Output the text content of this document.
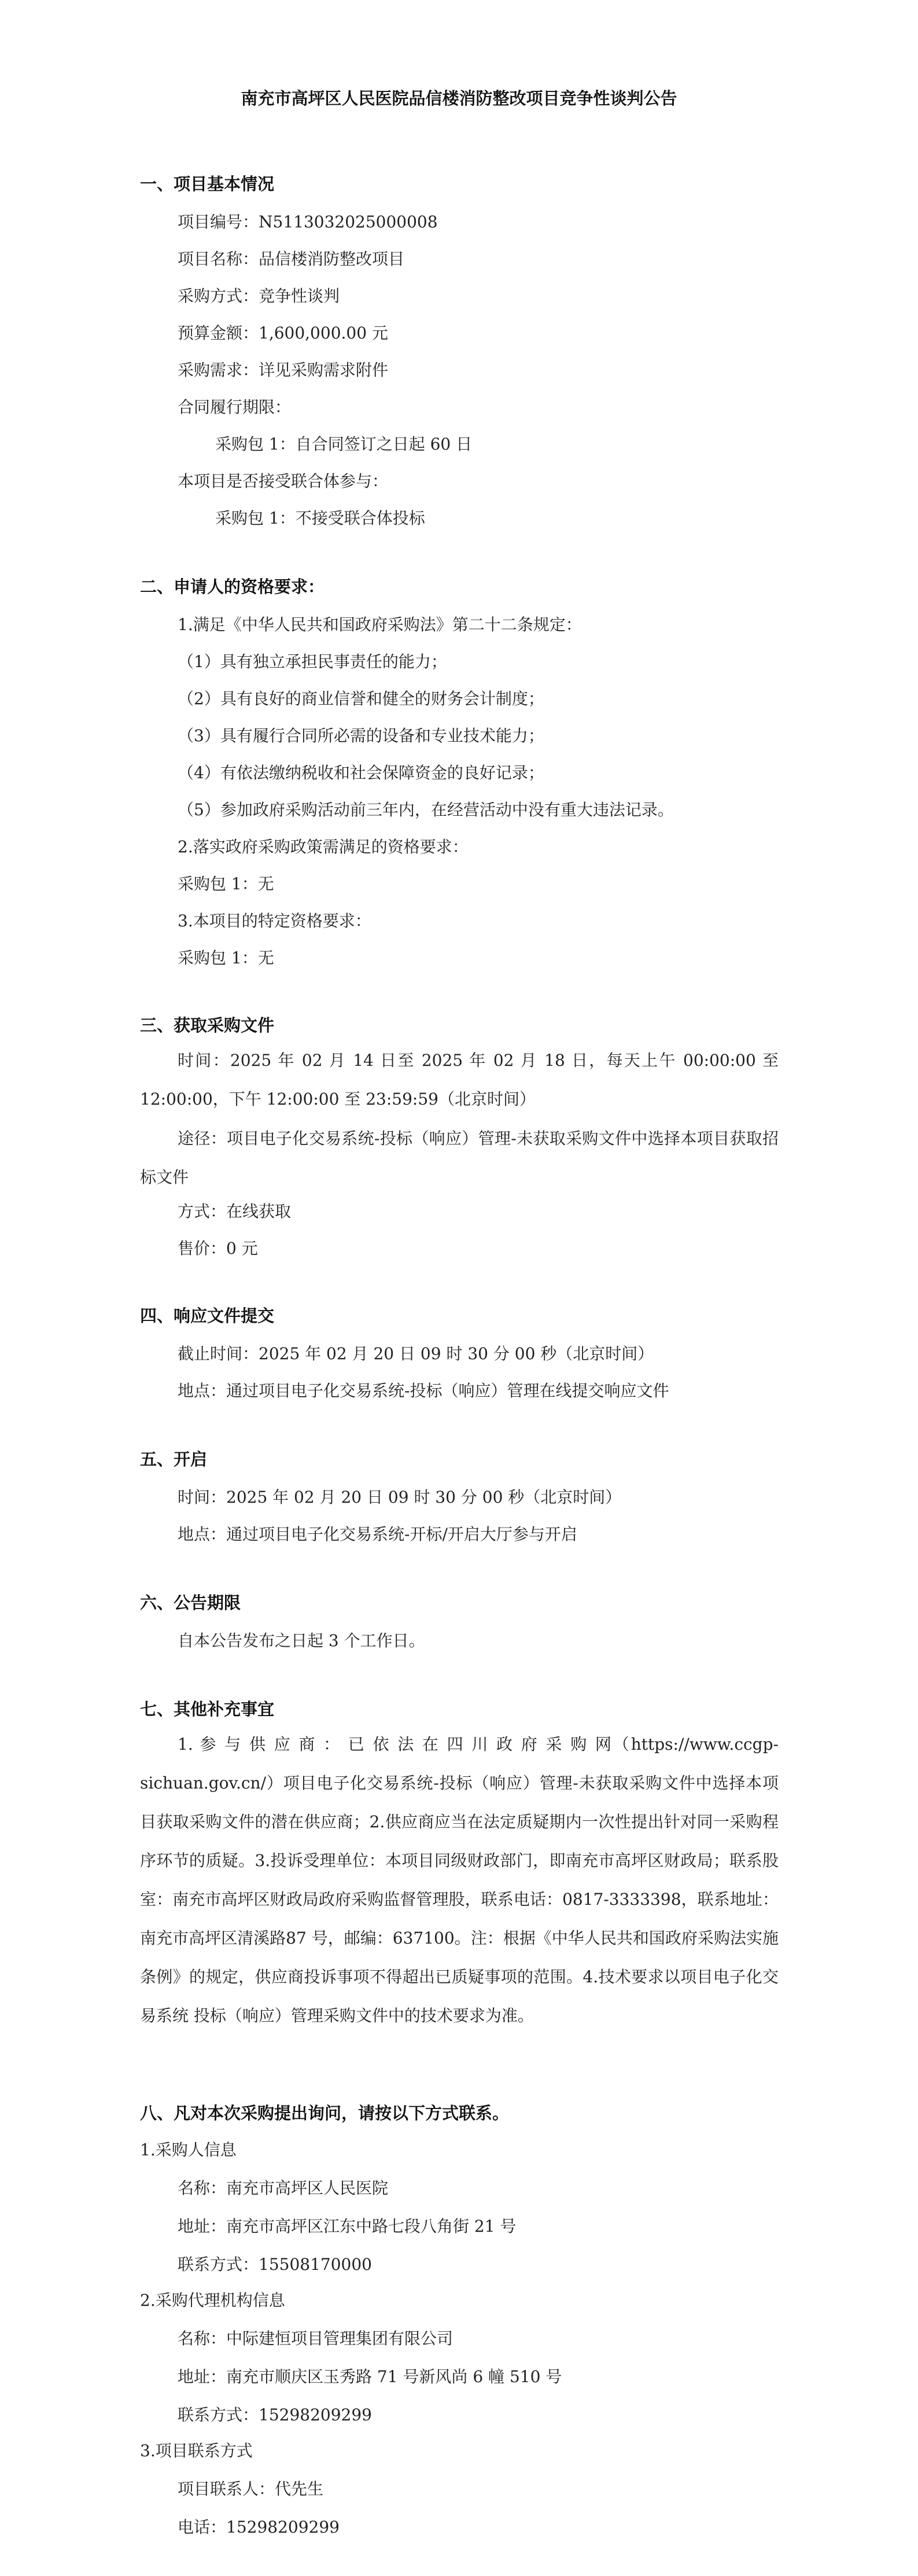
南充市高坪区人民医院品信楼消防整改项目竞争性谈判公告
一、项目基本情况
项目编号：N5113032025000008
项目名称：品信楼消防整改项目
采购方式：竞争性谈判
预算金额：1,600,000.00 元
采购需求：详见采购需求附件
合同履行期限：
采购包 1：自合同签订之日起 60 日
本项目是否接受联合体参与：
采购包 1：不接受联合体投标
二、申请人的资格要求：
1.满足《中华人民共和国政府采购法》第二十二条规定：
（1）具有独立承担民事责任的能力；
（2）具有良好的商业信誉和健全的财务会计制度；
（3）具有履行合同所必需的设备和专业技术能力；
（4）有依法缴纳税收和社会保障资金的良好记录；
（5）参加政府采购活动前三年内，在经营活动中没有重大违法记录。
2.落实政府采购政策需满足的资格要求：
采购包 1：无
3.本项目的特定资格要求：
采购包 1：无
三、获取采购文件
时间：2025 年 02 月 14 日至 2025 年 02 月 18 日，每天上午 00:00:00 至 12:00:00，下午 12:00:00 至 23:59:59（北京时间）
途径：项目电子化交易系统-投标（响应）管理-未获取采购文件中选择本项目获取招标文件
方式：在线获取
售价：0 元
四、响应文件提交
截止时间：2025 年 02 月 20 日 09 时 30 分 00 秒（北京时间）
地点：通过项目电子化交易系统-投标（响应）管理在线提交响应文件
五、开启
时间：2025 年 02 月 20 日 09 时 30 分 00 秒（北京时间）
地点：通过项目电子化交易系统-开标/开启大厅参与开启
六、公告期限
自本公告发布之日起 3 个工作日。
七、其他补充事宜
1. 参 与 供 应 商 ： 已 依 法 在 四 川 政 府 采 购 网（https://www.ccgp-sichuan.gov.cn/）项目电子化交易系统-投标（响应）管理-未获取采购文件中选择本项目获取采购文件的潜在供应商；2.供应商应当在法定质疑期内一次性提出针对同一采购程序环节的质疑。3.投诉受理单位：本项目同级财政部门，即南充市高坪区财政局；联系股室：南充市高坪区财政局政府采购监督管理股，联系电话：0817-3333398，联系地址：南充市高坪区清溪路87 号，邮编：637100。注：根据《中华人民共和国政府采购法实施条例》的规定，供应商投诉事项不得超出已质疑事项的范围。4.技术要求以项目电子化交易系统 投标（响应）管理采购文件中的技术要求为准。
八、凡对本次采购提出询问，请按以下方式联系。
1.采购人信息
名称：南充市高坪区人民医院
地址：南充市高坪区江东中路七段八角街 21 号
联系方式：15508170000
2.采购代理机构信息
名称：中际建恒项目管理集团有限公司
地址：南充市顺庆区玉秀路 71 号新风尚 6 幢 510 号
联系方式：15298209299
3.项目联系方式
项目联系人：代先生
电话：15298209299
